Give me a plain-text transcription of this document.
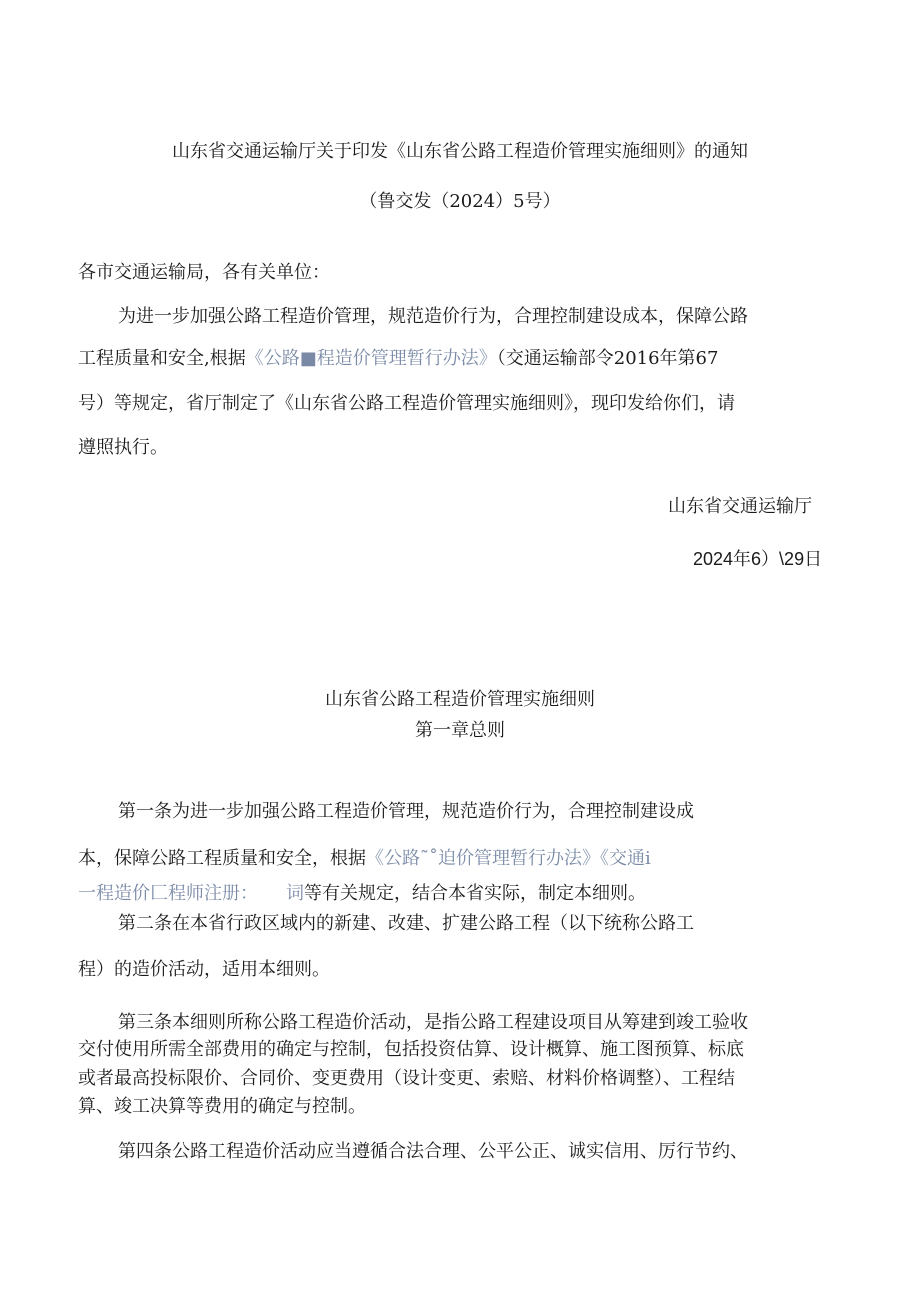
山东省交通运输厅关于印发《山东省公路工程造价管理实施细则》的通知
（鲁交发（2024）5号）
各市交通运输局，各有关单位：
为进一步加强公路工程造价管理，规范造价行为，合理控制建设成本，保障公路
工程质量和安全,根据《公路■程造价管理暂行办法》（交通运输部令2016年第67
号）等规定，省厅制定了《山东省公路工程造价管理实施细则》，现印发给你们，请
遵照执行。
山东省交通运输厅
2024年6）\29日
山东省公路工程造价管理实施细则
第一章总则
第一条为进一步加强公路工程造价管理，规范造价行为，合理控制建设成
本，保障公路工程质量和安全，根据《公路˜˚迫价管理暂行办法》《交通i
一程造价匚程师注册： 词等有关规定，结合本省实际，制定本细则。
第二条在本省行政区域内的新建、改建、扩建公路工程（以下统称公路工
程）的造价活动，适用本细则。
第三条本细则所称公路工程造价活动，是指公路工程建设项目从筹建到竣工验收
交付使用所需全部费用的确定与控制，包括投资估算、设计概算、施工图预算、标底
或者最高投标限价、合同价、变更费用（设计变更、索赔、材料价格调整）、工程结
算、竣工决算等费用的确定与控制。
第四条公路工程造价活动应当遵循合法合理、公平公正、诚实信用、厉行节约、
